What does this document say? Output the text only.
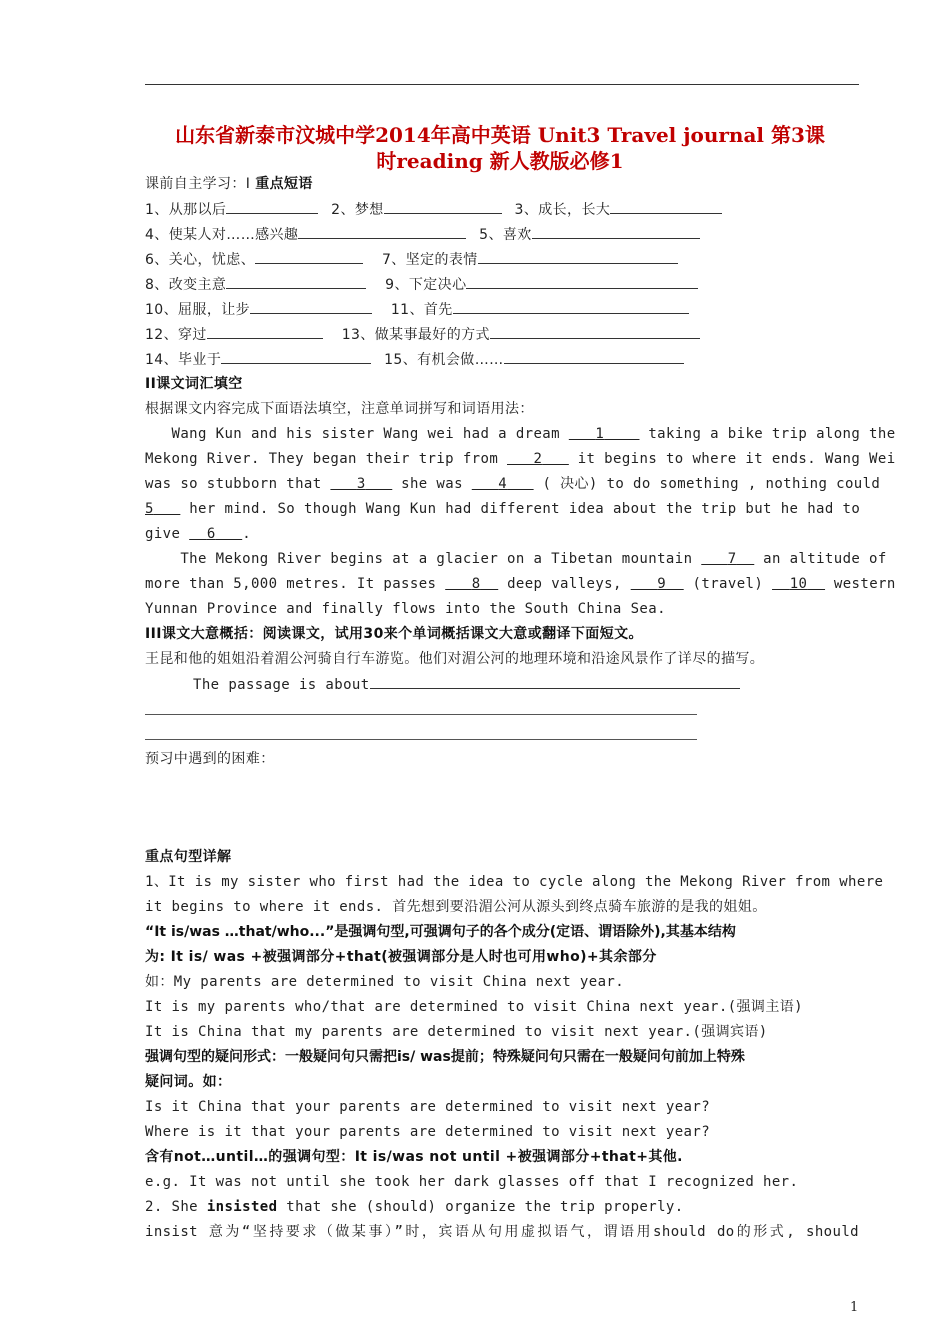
山东省新泰市汶城中学2014年高中英语 Unit3 Travel journal 第3课
时reading 新人教版必修1
课前自主学习：I 重点短语
1、从那以后	2、梦想	3、成长，长大
4、使某人对……感兴趣	5、喜欢
6、关心，忧虑、	7、坚定的表情
8、改变主意	9、下定决心
10、屈服，让步	11、首先
12、穿过	13、做某事最好的方式
14、毕业于	15、有机会做……
II课文词汇填空
根据课文内容完成下面语法填空，注意单词拼写和词语用法：
Wang Kun and his sister Wang wei had a dream	1	taking a bike trip along the
Mekong River. They began their trip from	2	it begins to where it ends. Wang Wei
was so stubborn that	3	she was	4	( 决心) to do something , nothing could
5	her mind. So though Wang Kun had different idea about the trip but he had to
give 6 .
The Mekong River begins at a glacier on a Tibetan mountain	7 an altitude of
more than 5,000 metres. It passes	8 deep valleys,	9 (travel) 10 western
Yunnan Province and finally flows into the South China Sea.
III课文大意概括：阅读课文，试用30来个单词概括课文大意或翻译下面短文。
王昆和他的姐姐沿着湄公河骑自行车游览。他们对湄公河的地理环境和沿途风景作了详尽的描写。
The passage is about
预习中遇到的困难：
重点句型详解
1、It is my sister who first had the idea to cycle along the Mekong River from where
it begins to where it ends. 首先想到要沿湄公河从源头到终点骑车旅游的是我的姐姐。
“It is/was …that/who...”是强调句型,可强调句子的各个成分(定语、谓语除外),其基本结构
为: It is/ was +被强调部分+that(被强调部分是人时也可用who)+其余部分
如：My parents are determined to visit China next year.
It is my parents who/that are determined to visit China next year.(强调主语)
It is China that my parents are determined to visit next year.(强调宾语)
强调句型的疑问形式：一般疑问句只需把is/ was提前；特殊疑问句只需在一般疑问句前加上特殊
疑问词。如：
Is it China that your parents are determined to visit next year?
Where is it that your parents are determined to visit next year?
含有not…until…的强调句型：It is/was not until +被强调部分+that+其他.
e.g. It was not until she took her dark glasses off that I recognized her.
2. She insisted that she (should) organize the trip properly.
insist 意为“坚持要求（做某事）”时，宾语从句用虚拟语气，谓语用should do的形式, should
1
